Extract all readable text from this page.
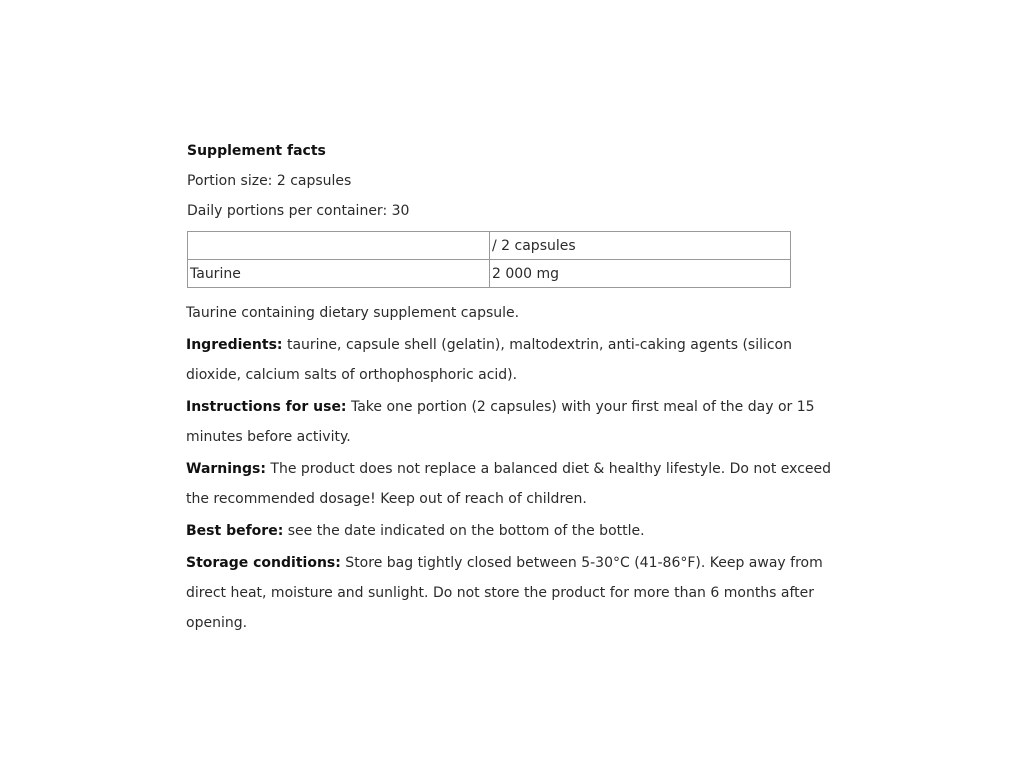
Supplement facts
Portion size: 2 capsules
Daily portions per container: 30
	/ 2 capsules
Taurine	2 000 mg
Taurine containing dietary supplement capsule.
Ingredients: taurine, capsule shell (gelatin), maltodextrin, anti-caking agents (silicon dioxide, calcium salts of orthophosphoric acid).
Instructions for use: Take one portion (2 capsules) with your first meal of the day or 15 minutes before activity.
Warnings: The product does not replace a balanced diet & healthy lifestyle. Do not exceed the recommended dosage! Keep out of reach of children.
Best before: see the date indicated on the bottom of the bottle.
Storage conditions: Store bag tightly closed between 5-30°C (41-86°F). Keep away from direct heat, moisture and sunlight. Do not store the product for more than 6 months after opening.
